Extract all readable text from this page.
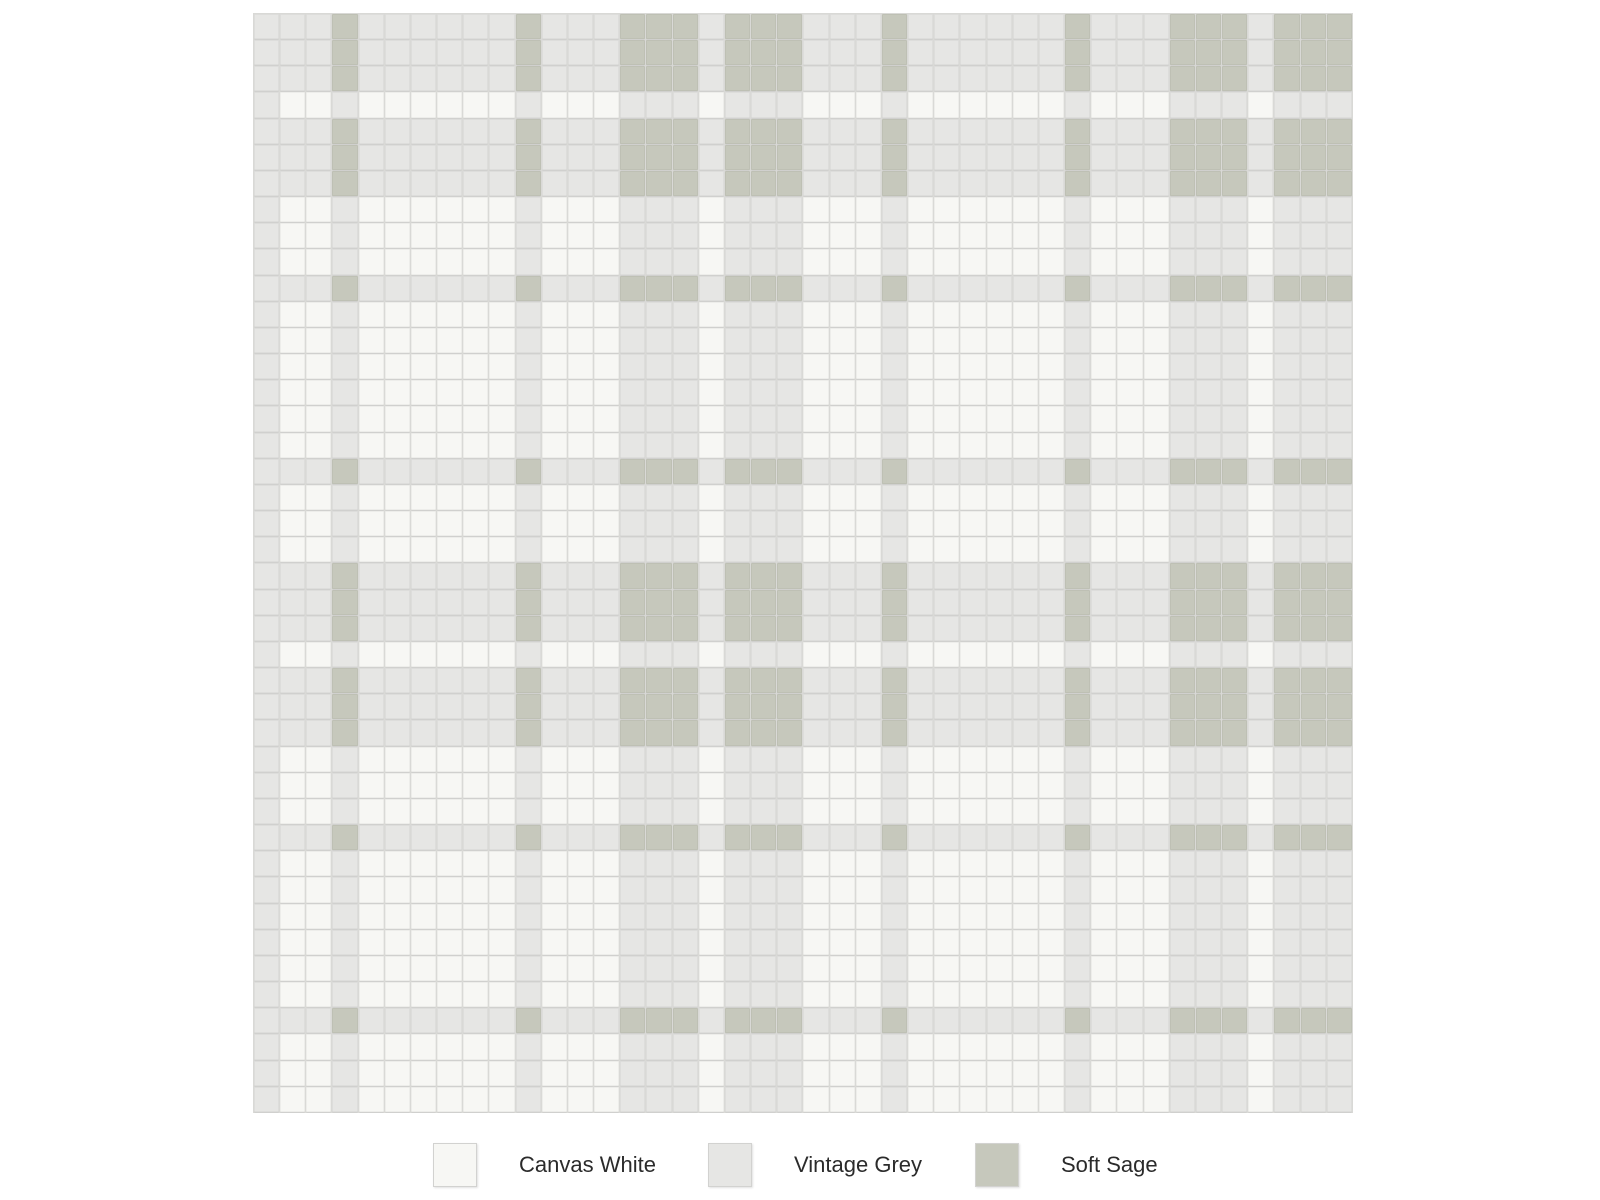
Canvas White	Vintage Grey	Soft Sage
